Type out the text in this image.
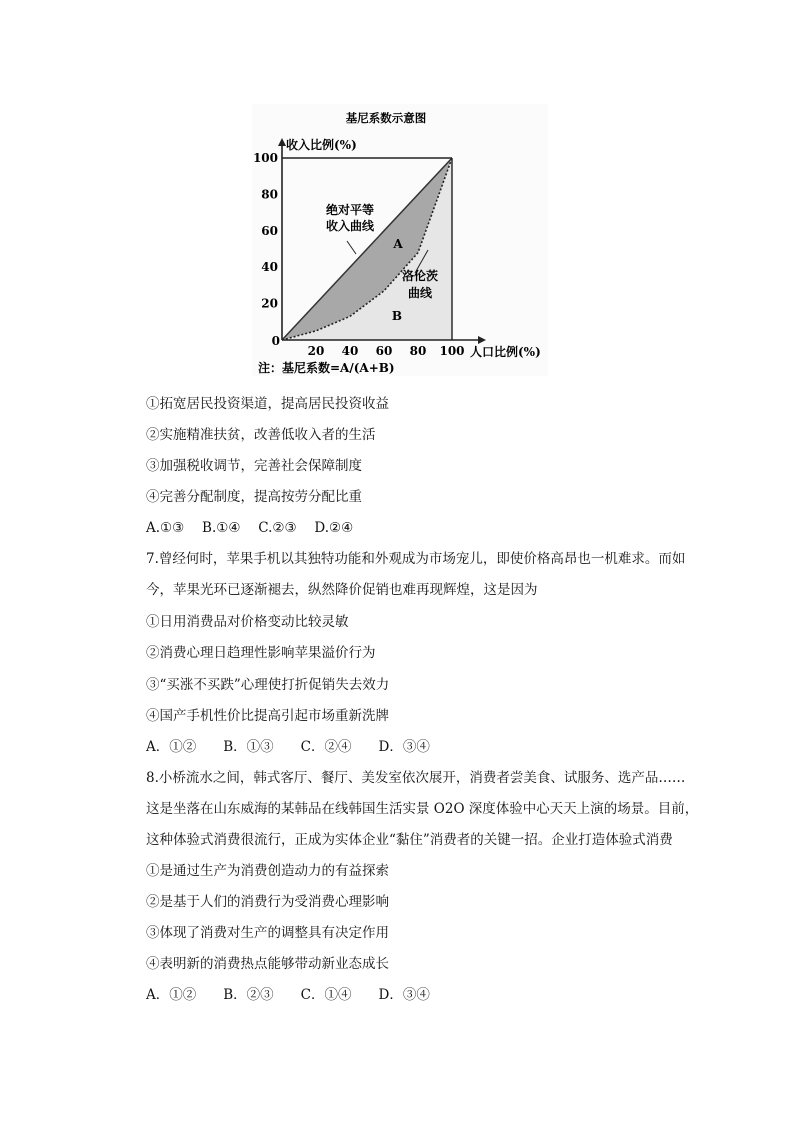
基尼系数示意图
收入比例(%)
20 40 60 80 100
100
80
60
40
20
0
绝对平等
收入曲线
A
洛伦茨
曲线
B
人口比例(%)
注：基尼系数=A/(A+B)
①拓宽居民投资渠道，提高居民投资收益
②实施精准扶贫，改善低收入者的生活
③加强税收调节，完善社会保障制度
④完善分配制度，提高按劳分配比重
A.①③　 B.①④　 C.②③　 D.②④
7.曾经何时，苹果手机以其独特功能和外观成为市场宠儿，即使价格高昂也一机难求。而如
今，苹果光环已逐渐褪去，纵然降价促销也难再现辉煌，这是因为
①日用消费品对价格变动比较灵敏
②消费心理日趋理性影响苹果溢价行为
③“买涨不买跌”心理使打折促销失去效力
④国产手机性价比提高引起市场重新洗牌
A．①②　　B．①③　　C．②④　　D．③④
8.小桥流水之间，韩式客厅、餐厅、美发室依次展开，消费者尝美食、试服务、选产品……
这是坐落在山东威海的某韩品在线韩国生活实景 O2O 深度体验中心天天上演的场景。目前，
这种体验式消费很流行，正成为实体企业“黏住”消费者的关键一招。企业打造体验式消费
①是通过生产为消费创造动力的有益探索
②是基于人们的消费行为受消费心理影响
③体现了消费对生产的调整具有决定作用
④表明新的消费热点能够带动新业态成长
A．①②　　B．②③　　C．①④　　D．③④
